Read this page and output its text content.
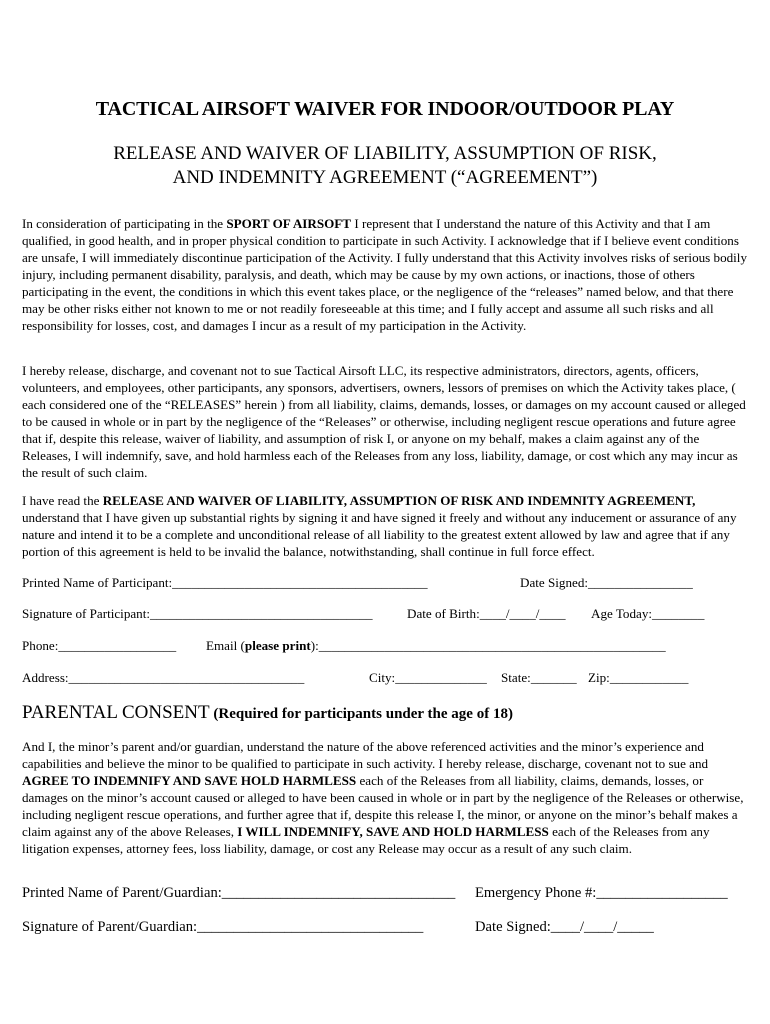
TACTICAL AIRSOFT WAIVER FOR INDOOR/OUTDOOR PLAY
RELEASE AND WAIVER OF LIABILITY, ASSUMPTION OF RISK,
AND INDEMNITY AGREEMENT (“AGREEMENT”)

In consideration of participating in the SPORT OF AIRSOFT I represent that I understand the nature of this Activity and that I am qualified, in good health, and in proper physical condition to participate in such Activity. I acknowledge that if I believe event conditions are unsafe, I will immediately discontinue participation of the Activity. I fully understand that this Activity involves risks of serious bodily injury, including permanent disability, paralysis, and death, which may be cause by my own actions, or inactions, those of others participating in the event, the conditions in which this event takes place, or the negligence of the “releases” named below, and that there may be other risks either not known to me or not readily foreseeable at this time; and I fully accept and assume all such risks and all responsibility for losses, cost, and damages I incur as a result of my participation in the Activity.

I hereby release, discharge, and covenant not to sue Tactical Airsoft LLC, its respective administrators, directors, agents, officers, volunteers, and employees, other participants, any sponsors, advertisers, owners, lessors of premises on which the Activity takes place, ( each considered one of the “RELEASES” herein ) from all liability, claims, demands, losses, or damages on my account caused or alleged to be caused in whole or in part by the negligence of the “Releases” or otherwise, including negligent rescue operations and future agree that if, despite this release, waiver of liability, and assumption of risk I, or anyone on my behalf, makes a claim against any of the Releases, I will indemnify, save, and hold harmless each of the Releases from any loss, liability, damage, or cost which any may incur as the result of such claim.

I have read the RELEASE AND WAIVER OF LIABILITY, ASSUMPTION OF RISK AND INDEMNITY AGREEMENT, understand that I have given up substantial rights by signing it and have signed it freely and without any inducement or assurance of any nature and intend it to be a complete and unconditional release of all liability to the greatest extent allowed by law and agree that if any portion of this agreement is held to be invalid the balance, notwithstanding, shall continue in full force effect.

Printed Name of Participant:_______________________________________	Date Signed:________________

Signature of Participant:__________________________________	Date of Birth:____/____/____ Age Today:________

Phone:__________________ Email (please print):_____________________________________________________

Address:____________________________________	City:______________ State:_______ Zip:____________

PARENTAL CONSENT (Required for participants under the age of 18)

And I, the minor’s parent and/or guardian, understand the nature of the above referenced activities and the minor’s experience and capabilities and believe the minor to be qualified to participate in such activity. I hereby release, discharge, covenant not to sue and AGREE TO INDEMNIFY AND SAVE HOLD HARMLESS each of the Releases from all liability, claims, demands, losses, or damages on the minor’s account caused or alleged to have been caused in whole or in part by the negligence of the Releases or otherwise, including negligent rescue operations, and further agree that if, despite this release I, the minor, or anyone on the minor’s behalf makes a claim against any of the above Releases, I WILL INDEMNIFY, SAVE AND HOLD HARMLESS each of the Releases from any litigation expenses, attorney fees, loss liability, damage, or cost any Release may occur as a result of any such claim.

Printed Name of Parent/Guardian:________________________________ Emergency Phone #:__________________

Signature of Parent/Guardian:_______________________________	Date Signed:____/____/_____
